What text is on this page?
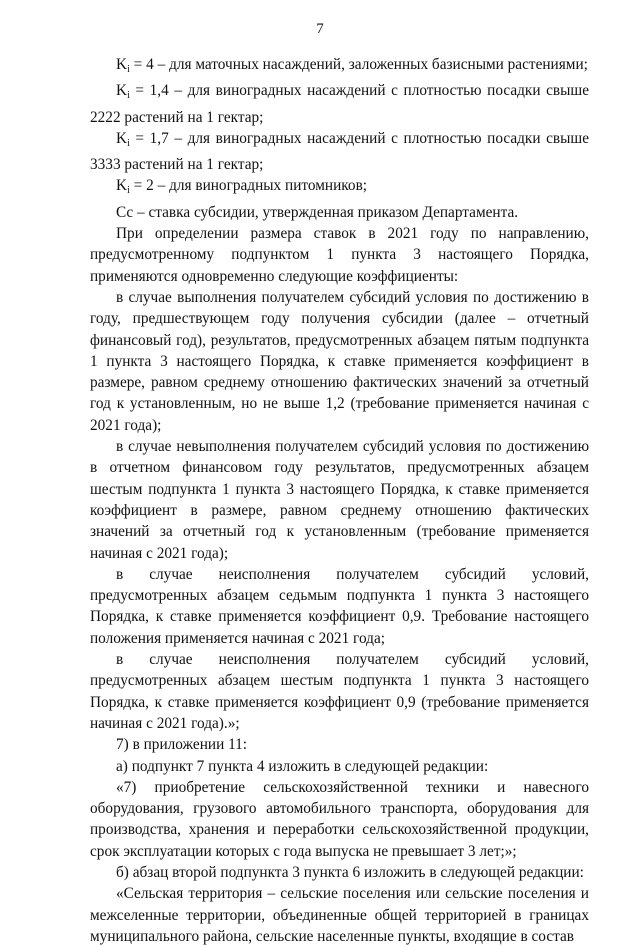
7

$K_i = 4$ – для маточных насаждений, заложенных базисными растениями;

$K_i = 1,4$ – для виноградных насаждений с плотностью посадки свыше 2222 растений на 1 гектар;

$K_i = 1,7$ – для виноградных насаждений с плотностью посадки свыше 3333 растений на 1 гектар;

$K_i = 2$ – для виноградных питомников;

Сс – ставка субсидии, утвержденная приказом Департамента.

При определении размера ставок в 2021 году по направлению, предусмотренному подпунктом 1 пункта 3 настоящего Порядка, применяются одновременно следующие коэффициенты:

в случае выполнения получателем субсидий условия по достижению в году, предшествующем году получения субсидии (далее – отчетный финансовый год), результатов, предусмотренных абзацем пятым подпункта 1 пункта 3 настоящего Порядка, к ставке применяется коэффициент в размере, равном среднему отношению фактических значений за отчетный год к установленным, но не выше 1,2 (требование применяется начиная с 2021 года);

в случае невыполнения получателем субсидий условия по достижению в отчетном финансовом году результатов, предусмотренных абзацем шестым подпункта 1 пункта 3 настоящего Порядка, к ставке применяется коэффициент в размере, равном среднему отношению фактических значений за отчетный год к установленным (требование применяется начиная с 2021 года);

в случае неисполнения получателем субсидий условий, предусмотренных абзацем седьмым подпункта 1 пункта 3 настоящего Порядка, к ставке применяется коэффициент 0,9. Требование настоящего положения применяется начиная с 2021 года;

в случае неисполнения получателем субсидий условий, предусмотренных абзацем шестым подпункта 1 пункта 3 настоящего Порядка, к ставке применяется коэффициент 0,9 (требование применяется начиная с 2021 года).»;

7) в приложении 11:

а) подпункт 7 пункта 4 изложить в следующей редакции:

«7) приобретение сельскохозяйственной техники и навесного оборудования, грузового автомобильного транспорта, оборудования для производства, хранения и переработки сельскохозяйственной продукции, срок эксплуатации которых с года выпуска не превышает 3 лет;»;

б) абзац второй подпункта 3 пункта 6 изложить в следующей редакции:

«Сельская территория – сельские поселения или сельские поселения и межселенные территории, объединенные общей территорией в границах муниципального района, сельские населенные пункты, входящие в состав
